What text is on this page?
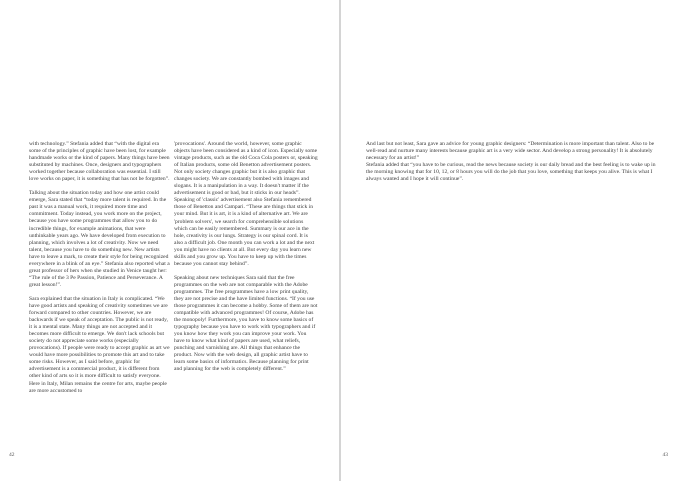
with technology.” Stefania added that “with the digital era some of the principles of graphic have been lost, for example handmade works or the kind of papers. Many things have been substituted by machines. Once, designers and typographers worked together because collaboration was essential. I still love works on paper, it is something that has not be forgotten”.

Talking about the situation today and how one artist could emerge, Sara stated that “today more talent is required. In the past it was a manual work, it required more time and commitment. Today instead, you work more on the project, because you have some programmes that allow you to do incredible things, for example animations, that were unthinkable years ago. We have developed from execution to planning, which involves a lot of creativity. Now we need talent, because you have to do something new. New artists have to leave a mark, to create their style for being recognized everywhere in a blink of an eye.” Stefania also reported what a great professor of hers when she studied in Venice taught her: “The rule of the 3 Pe Passion, Patience and Perseverance. A great lesson!”.

Sara explained that the situation in Italy is complicated. “We have good artists and speaking of creativity sometimes we are forward compared to other countries. However, we are backwards if we speak of acceptation. The public is not ready, it is a mental state. Many things are not accepted and it becomes more difficult to emerge. We don't lack schools but society do not appreciate some works (especially provocations). If people were ready to accept graphic as art we would have more possibilities to promote this art and to take some risks. However, as I said before, graphic for advertisement is a commercial product, it is different from other kind of arts so it is more difficult to satisfy everyone. Here in Italy, Milan remains the centre for arts, maybe people are more accustomed to

'provocations'. Around the world, however, some graphic objects have been considered as a kind of icon. Especially some vintage products, such as the old Coca Cola posters or, speaking of Italian products, some old Benetton advertisement posters. Not only society changes graphic but it is also graphic that changes society. We are constantly bombed with images and slogans. It is a manipulation in a way. It doesn't matter if the advertisement is good or bad, but it sticks in our heads”. Speaking of 'classic' advertisement also Stefania remembered those of Benetton and Campari. “These are things that stick in your mind. But it is art, it is a kind of alternative art. We are 'problem solvers', we search for comprehensible solutions which can be easily remembered. Summary is our ace in the hole, creativity is our lungs. Strategy is our spinal cord. It is also a difficult job. One month you can work a lot and the next you might have no clients at all. But every day you learn new skills and you grow up. You have to keep up with the times because you cannot stay behind”.

Speaking about new techniques Sara said that the free programmes on the web are not comparable with the Adobe programmes. The free programmes have a low print quality, they are not precise and the have limited functions. “If you use those programmes it can become a hobby. Some of them are not compatible with advanced programmes! Of course, Adobe has the monopoly! Furthermore, you have to know some basics of typography because you have to work with typographers and if you know how they work you can improve your work. You have to know what kind of papers are used, what reliefs, punching and varnishing are. All things that enhance the product. Now with the web design, all graphic artist have to learn some basics of informatics. Because planning for print and planning for the web is completely different.”

42

And last but not least, Sara gave an advice for young graphic designers: “Determination is more important than talent. Also to be well-read and nurture many interests because graphic art is a very wide sector. And develop a strong personality! It is absolutely necessary for an artist!”
Stefania added that “you have to be curious, read the news because society is our daily bread and the best feeling is to wake up in the morning knowing that for 10, 12, or 8 hours you will do the job that you love, something that keeps you alive. This is what I always wanted and I hope it will continue”.

43
